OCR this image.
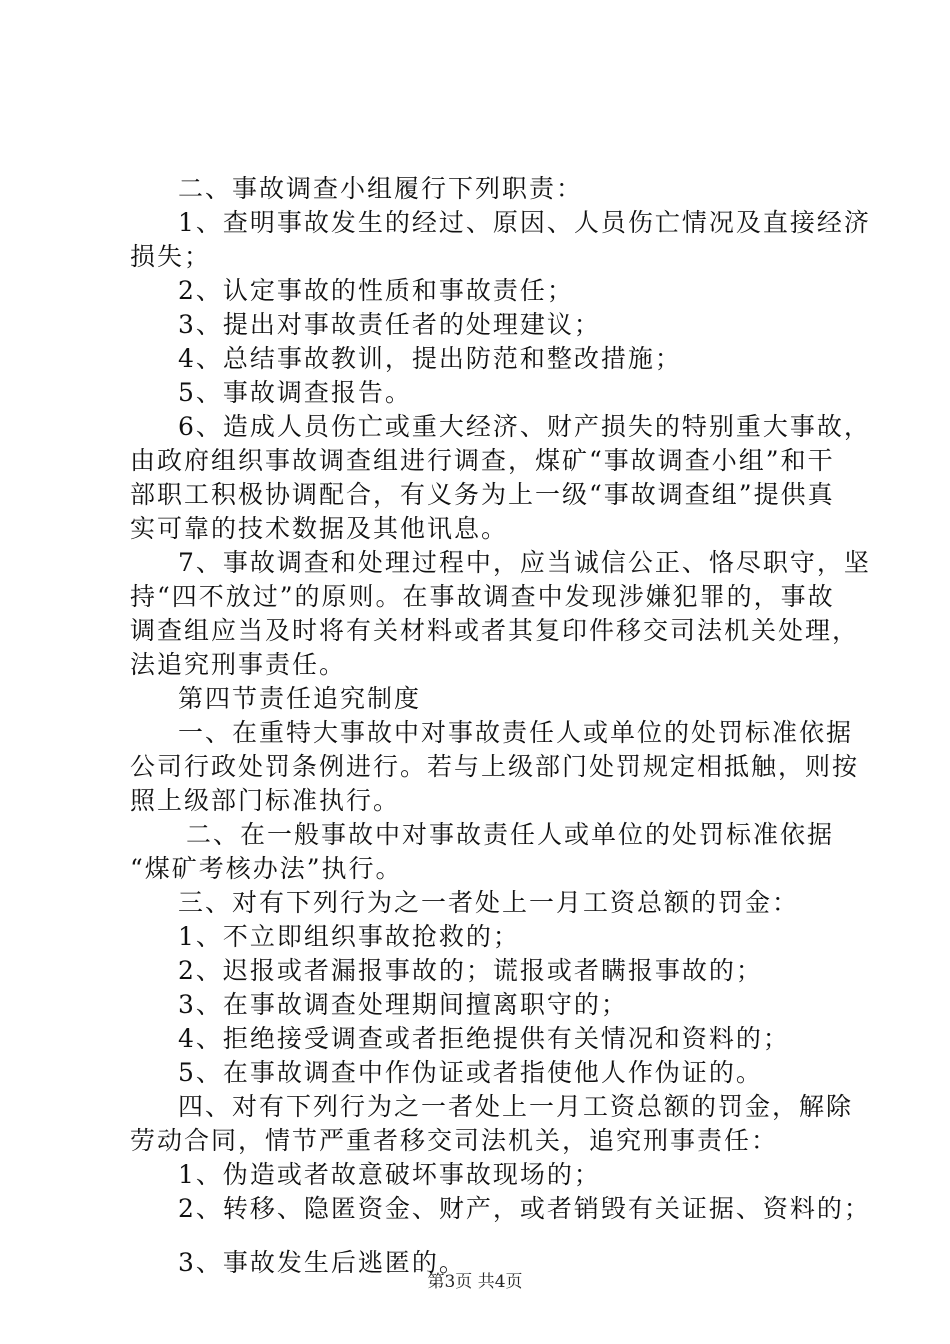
二、事故调查小组履行下列职责：
1、查明事故发生的经过、原因、人员伤亡情况及直接经济
损失；
2、认定事故的性质和事故责任；
3、提出对事故责任者的处理建议；
4、总结事故教训，提出防范和整改措施；
5、事故调查报告。
6、造成人员伤亡或重大经济、财产损失的特别重大事故，
由政府组织事故调查组进行调查，煤矿“事故调查小组”和干
部职工积极协调配合，有义务为上一级“事故调查组”提供真
实可靠的技术数据及其他讯息。
7、事故调查和处理过程中，应当诚信公正、恪尽职守，坚
持“四不放过”的原则。在事故调查中发现涉嫌犯罪的，事故
调查组应当及时将有关材料或者其复印件移交司法机关处理，
法追究刑事责任。
第四节责任追究制度
一、在重特大事故中对事故责任人或单位的处罚标准依据
公司行政处罚条例进行。若与上级部门处罚规定相抵触，则按
照上级部门标准执行。
二、在一般事故中对事故责任人或单位的处罚标准依据
“煤矿考核办法”执行。
三、对有下列行为之一者处上一月工资总额的罚金：
1、不立即组织事故抢救的；
2、迟报或者漏报事故的；谎报或者瞒报事故的；
3、在事故调查处理期间擅离职守的；
4、拒绝接受调查或者拒绝提供有关情况和资料的；
5、在事故调查中作伪证或者指使他人作伪证的。
四、对有下列行为之一者处上一月工资总额的罚金，解除
劳动合同，情节严重者移交司法机关，追究刑事责任：
1、伪造或者故意破坏事故现场的；
2、转移、隐匿资金、财产，或者销毁有关证据、资料的；
3、事故发生后逃匿的。
第3页 共4页
